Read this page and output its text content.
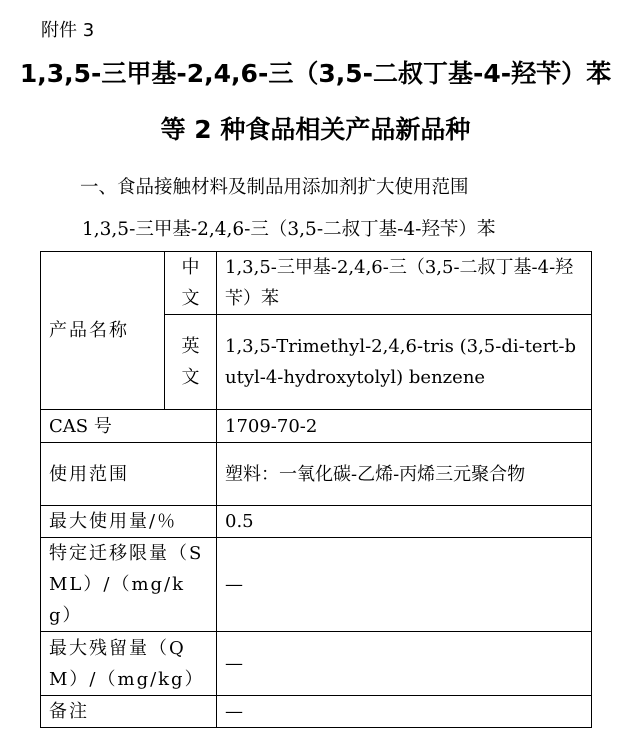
附件 3
1,3,5-三甲基-2,4,6-三（3,5-二叔丁基-4-羟苄）苯
等 2 种食品相关产品新品种
一、食品接触材料及制品用添加剂扩大使用范围
1,3,5-三甲基-2,4,6-三（3,5-二叔丁基-4-羟苄）苯
产品名称	中文	1,3,5-三甲基-2,4,6-三（3,5-二叔丁基-4-羟苄）苯
	英文	1,3,5-Trimethyl-2,4,6-tris (3,5-di-tert-butyl-4-hydroxytolyl) benzene
CAS 号		1709-70-2
使用范围		塑料：一氧化碳-乙烯-丙烯三元聚合物
最大使用量/％		0.5
特定迁移限量（SML）/（mg/kg）		—
最大残留量（QM）/（mg/kg）		—
备注		—
